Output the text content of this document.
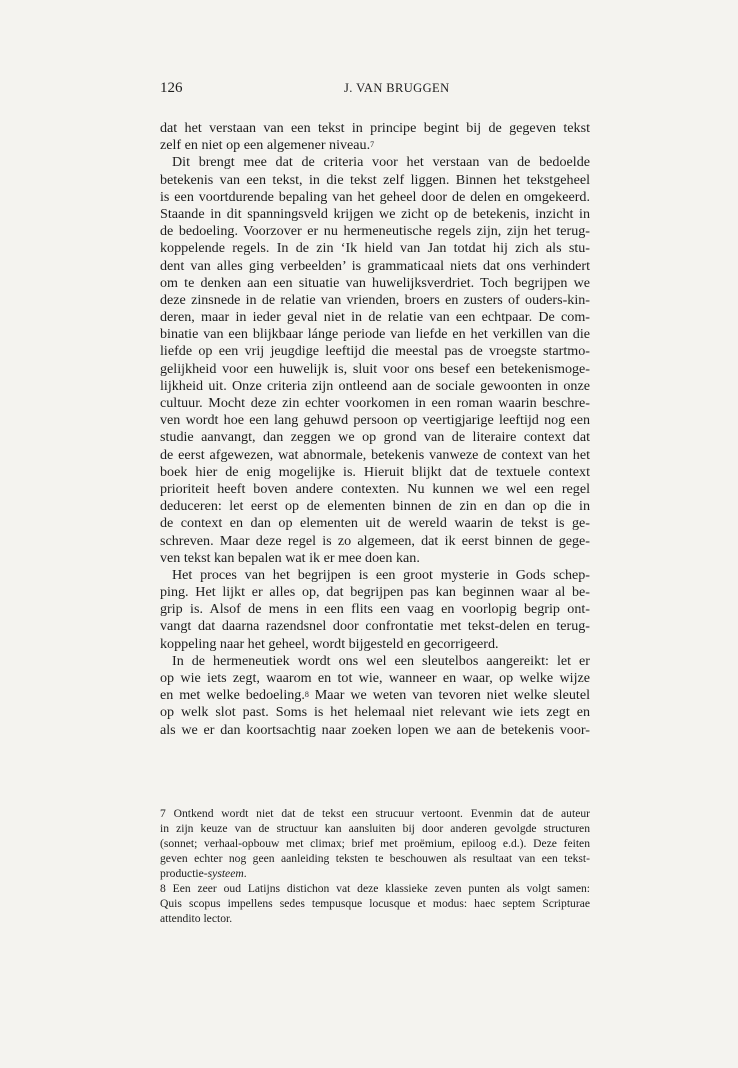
126	J. VAN BRUGGEN
dat het verstaan van een tekst in principe begint bij de gegeven tekst
zelf en niet op een algemener niveau.$^7$
Dit brengt mee dat de criteria voor het verstaan van de bedoelde
betekenis van een tekst, in die tekst zelf liggen. Binnen het tekstgeheel
is een voortdurende bepaling van het geheel door de delen en omgekeerd.
Staande in dit spanningsveld krijgen we zicht op de betekenis, inzicht in
de bedoeling. Voorzover er nu hermeneutische regels zijn, zijn het terug-
koppelende regels. In de zin ‘Ik hield van Jan totdat hij zich als stu-
dent van alles ging verbeelden’ is grammaticaal niets dat ons verhindert
om te denken aan een situatie van huwelijksverdriet. Toch begrijpen we
deze zinsnede in de relatie van vrienden, broers en zusters of ouders-kin-
deren, maar in ieder geval niet in de relatie van een echtpaar. De com-
binatie van een blijkbaar lánge periode van liefde en het verkillen van die
liefde op een vrij jeugdige leeftijd die meestal pas de vroegste startmo-
gelijkheid voor een huwelijk is, sluit voor ons besef een betekenismoge-
lijkheid uit. Onze criteria zijn ontleend aan de sociale gewoonten in onze
cultuur. Mocht deze zin echter voorkomen in een roman waarin beschre-
ven wordt hoe een lang gehuwd persoon op veertigjarige leeftijd nog een
studie aanvangt, dan zeggen we op grond van de literaire context dat
de eerst afgewezen, wat abnormale, betekenis vanweze de context van het
boek hier de enig mogelijke is. Hieruit blijkt dat de textuele context
prioriteit heeft boven andere contexten. Nu kunnen we wel een regel
deduceren: let eerst op de elementen binnen de zin en dan op die in
de context en dan op elementen uit de wereld waarin de tekst is ge-
schreven. Maar deze regel is zo algemeen, dat ik eerst binnen de gege-
ven tekst kan bepalen wat ik er mee doen kan.
Het proces van het begrijpen is een groot mysterie in Gods schep-
ping. Het lijkt er alles op, dat begrijpen pas kan beginnen waar al be-
grip is. Alsof de mens in een flits een vaag en voorlopig begrip ont-
vangt dat daarna razendsnel door confrontatie met tekst-delen en terug-
koppeling naar het geheel, wordt bijgesteld en gecorrigeerd.
In de hermeneutiek wordt ons wel een sleutelbos aangereikt: let er
op wie iets zegt, waarom en tot wie, wanneer en waar, op welke wijze
en met welke bedoeling.$^8$ Maar we weten van tevoren niet welke sleutel
op welk slot past. Soms is het helemaal niet relevant wie iets zegt en
als we er dan koortsachtig naar zoeken lopen we aan de betekenis voor-
7 Ontkend wordt niet dat de tekst een strucuur vertoont. Evenmin dat de auteur
in zijn keuze van de structuur kan aansluiten bij door anderen gevolgde structuren
(sonnet; verhaal-opbouw met climax; brief met proëmium, epiloog e.d.). Deze feiten
geven echter nog geen aanleiding teksten te beschouwen als resultaat van een tekst-
productie-systeem.
8 Een zeer oud Latijns distichon vat deze klassieke zeven punten als volgt samen:
Quis scopus impellens sedes tempusque locusque et modus: haec septem Scripturae
attendito lector.
